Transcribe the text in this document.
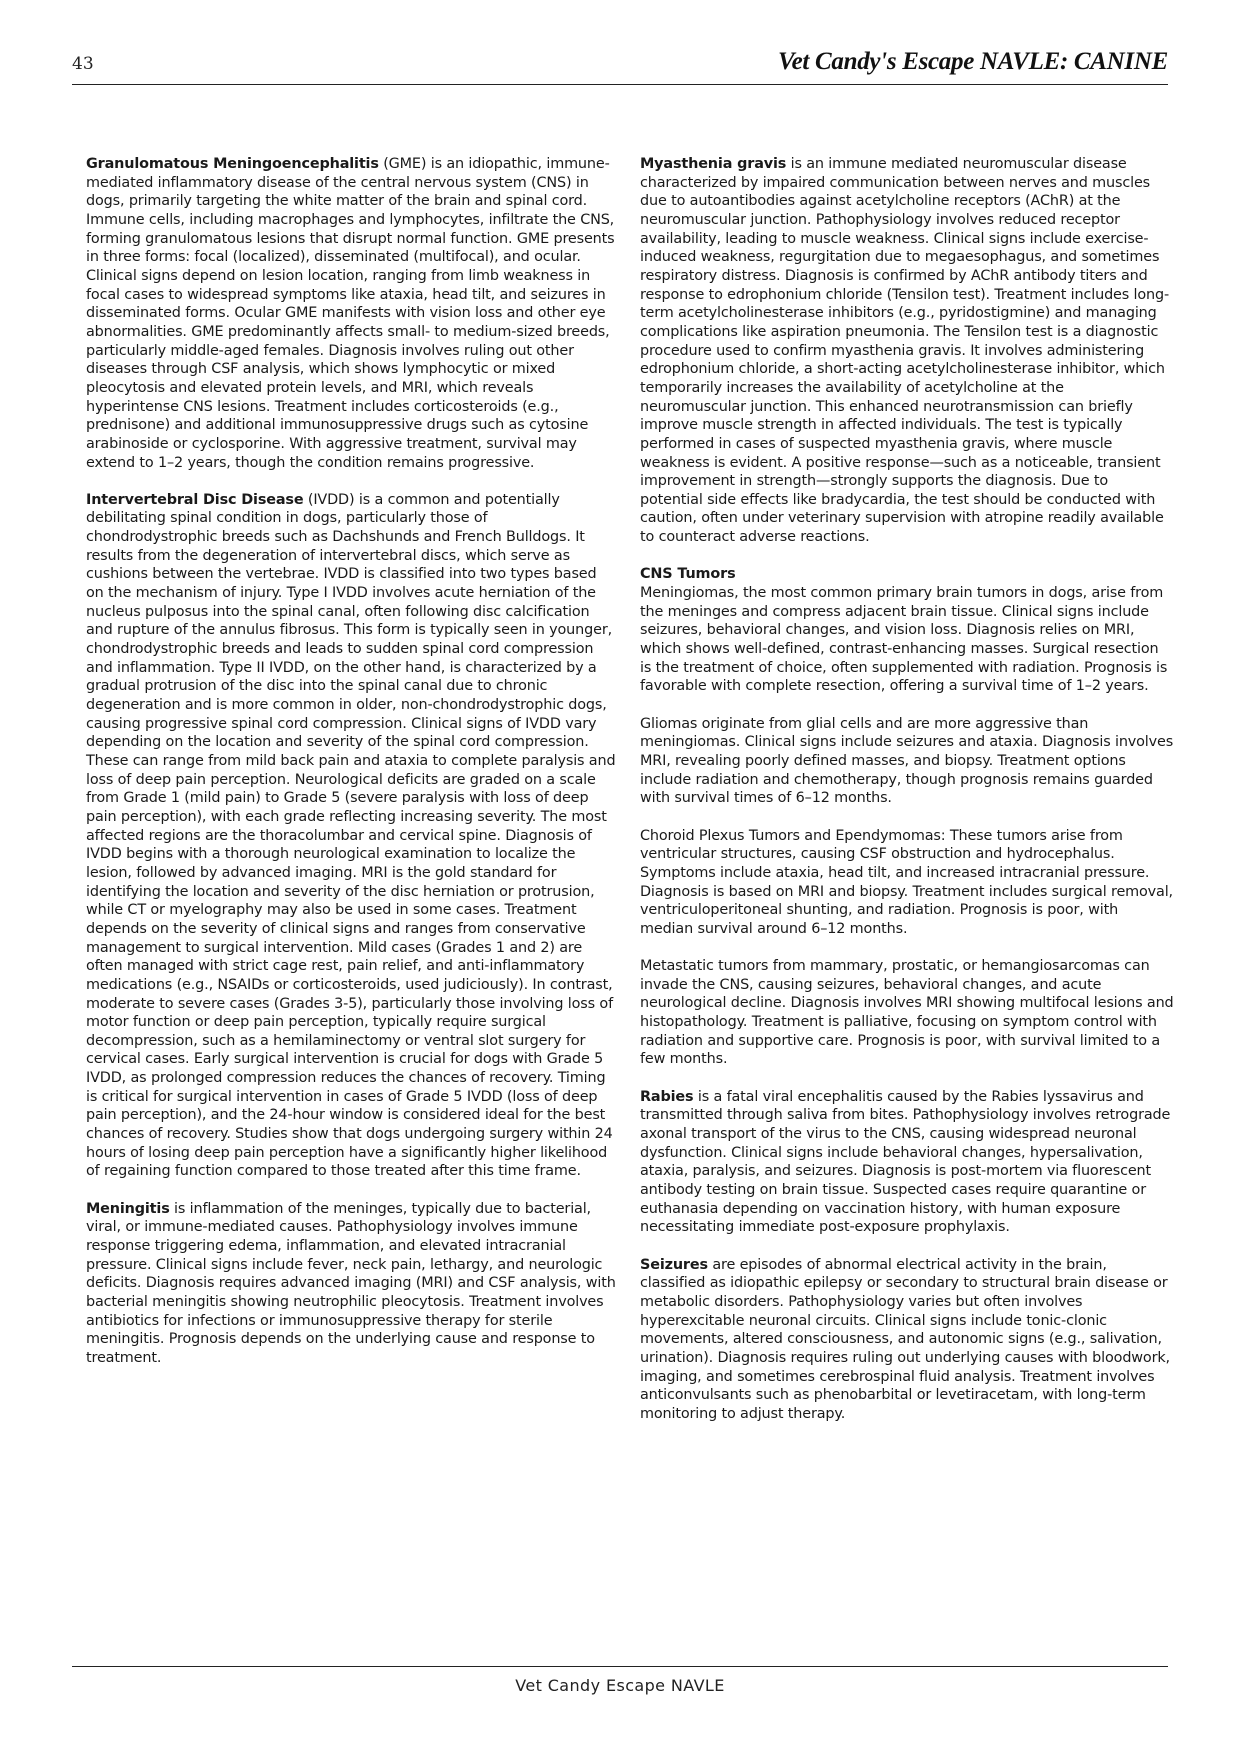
43	Vet Candy's Escape NAVLE: CANINE

Granulomatous Meningoencephalitis (GME) is an idiopathic, immune-mediated inflammatory disease of the central nervous system (CNS) in dogs, primarily targeting the white matter of the brain and spinal cord. Immune cells, including macrophages and lymphocytes, infiltrate the CNS, forming granulomatous lesions that disrupt normal function. GME presents in three forms: focal (localized), disseminated (multifocal), and ocular. Clinical signs depend on lesion location, ranging from limb weakness in focal cases to widespread symptoms like ataxia, head tilt, and seizures in disseminated forms. Ocular GME manifests with vision loss and other eye abnormalities. GME predominantly affects small- to medium-sized breeds, particularly middle-aged females. Diagnosis involves ruling out other diseases through CSF analysis, which shows lymphocytic or mixed pleocytosis and elevated protein levels, and MRI, which reveals hyperintense CNS lesions. Treatment includes corticosteroids (e.g., prednisone) and additional immunosuppressive drugs such as cytosine arabinoside or cyclosporine. With aggressive treatment, survival may extend to 1–2 years, though the condition remains progressive.

Intervertebral Disc Disease (IVDD) is a common and potentially debilitating spinal condition in dogs, particularly those of chondrodystrophic breeds such as Dachshunds and French Bulldogs. It results from the degeneration of intervertebral discs, which serve as cushions between the vertebrae. IVDD is classified into two types based on the mechanism of injury. Type I IVDD involves acute herniation of the nucleus pulposus into the spinal canal, often following disc calcification and rupture of the annulus fibrosus. This form is typically seen in younger, chondrodystrophic breeds and leads to sudden spinal cord compression and inflammation. Type II IVDD, on the other hand, is characterized by a gradual protrusion of the disc into the spinal canal due to chronic degeneration and is more common in older, non-chondrodystrophic dogs, causing progressive spinal cord compression. Clinical signs of IVDD vary depending on the location and severity of the spinal cord compression. These can range from mild back pain and ataxia to complete paralysis and loss of deep pain perception. Neurological deficits are graded on a scale from Grade 1 (mild pain) to Grade 5 (severe paralysis with loss of deep pain perception), with each grade reflecting increasing severity. The most affected regions are the thoracolumbar and cervical spine. Diagnosis of IVDD begins with a thorough neurological examination to localize the lesion, followed by advanced imaging. MRI is the gold standard for identifying the location and severity of the disc herniation or protrusion, while CT or myelography may also be used in some cases. Treatment depends on the severity of clinical signs and ranges from conservative management to surgical intervention. Mild cases (Grades 1 and 2) are often managed with strict cage rest, pain relief, and anti-inflammatory medications (e.g., NSAIDs or corticosteroids, used judiciously). In contrast, moderate to severe cases (Grades 3-5), particularly those involving loss of motor function or deep pain perception, typically require surgical decompression, such as a hemilaminectomy or ventral slot surgery for cervical cases. Early surgical intervention is crucial for dogs with Grade 5 IVDD, as prolonged compression reduces the chances of recovery. Timing is critical for surgical intervention in cases of Grade 5 IVDD (loss of deep pain perception), and the 24-hour window is considered ideal for the best chances of recovery. Studies show that dogs undergoing surgery within 24 hours of losing deep pain perception have a significantly higher likelihood of regaining function compared to those treated after this time frame.

Meningitis is inflammation of the meninges, typically due to bacterial, viral, or immune-mediated causes. Pathophysiology involves immune response triggering edema, inflammation, and elevated intracranial pressure. Clinical signs include fever, neck pain, lethargy, and neurologic deficits. Diagnosis requires advanced imaging (MRI) and CSF analysis, with bacterial meningitis showing neutrophilic pleocytosis. Treatment involves antibiotics for infections or immunosuppressive therapy for sterile meningitis. Prognosis depends on the underlying cause and response to treatment.

Myasthenia gravis is an immune mediated neuromuscular disease characterized by impaired communication between nerves and muscles due to autoantibodies against acetylcholine receptors (AChR) at the neuromuscular junction. Pathophysiology involves reduced receptor availability, leading to muscle weakness. Clinical signs include exercise-induced weakness, regurgitation due to megaesophagus, and sometimes respiratory distress. Diagnosis is confirmed by AChR antibody titers and response to edrophonium chloride (Tensilon test). Treatment includes long-term acetylcholinesterase inhibitors (e.g., pyridostigmine) and managing complications like aspiration pneumonia. The Tensilon test is a diagnostic procedure used to confirm myasthenia gravis. It involves administering edrophonium chloride, a short-acting acetylcholinesterase inhibitor, which temporarily increases the availability of acetylcholine at the neuromuscular junction. This enhanced neurotransmission can briefly improve muscle strength in affected individuals. The test is typically performed in cases of suspected myasthenia gravis, where muscle weakness is evident. A positive response—such as a noticeable, transient improvement in strength—strongly supports the diagnosis. Due to potential side effects like bradycardia, the test should be conducted with caution, often under veterinary supervision with atropine readily available to counteract adverse reactions.

CNS Tumors
Meningiomas, the most common primary brain tumors in dogs, arise from the meninges and compress adjacent brain tissue. Clinical signs include seizures, behavioral changes, and vision loss. Diagnosis relies on MRI, which shows well-defined, contrast-enhancing masses. Surgical resection is the treatment of choice, often supplemented with radiation. Prognosis is favorable with complete resection, offering a survival time of 1–2 years.

Gliomas originate from glial cells and are more aggressive than meningiomas. Clinical signs include seizures and ataxia. Diagnosis involves MRI, revealing poorly defined masses, and biopsy. Treatment options include radiation and chemotherapy, though prognosis remains guarded with survival times of 6–12 months.

Choroid Plexus Tumors and Ependymomas: These tumors arise from ventricular structures, causing CSF obstruction and hydrocephalus. Symptoms include ataxia, head tilt, and increased intracranial pressure. Diagnosis is based on MRI and biopsy. Treatment includes surgical removal, ventriculoperitoneal shunting, and radiation. Prognosis is poor, with median survival around 6–12 months.

Metastatic tumors from mammary, prostatic, or hemangiosarcomas can invade the CNS, causing seizures, behavioral changes, and acute neurological decline. Diagnosis involves MRI showing multifocal lesions and histopathology. Treatment is palliative, focusing on symptom control with radiation and supportive care. Prognosis is poor, with survival limited to a few months.

Rabies is a fatal viral encephalitis caused by the Rabies lyssavirus and transmitted through saliva from bites. Pathophysiology involves retrograde axonal transport of the virus to the CNS, causing widespread neuronal dysfunction. Clinical signs include behavioral changes, hypersalivation, ataxia, paralysis, and seizures. Diagnosis is post-mortem via fluorescent antibody testing on brain tissue. Suspected cases require quarantine or euthanasia depending on vaccination history, with human exposure necessitating immediate post-exposure prophylaxis.

Seizures are episodes of abnormal electrical activity in the brain, classified as idiopathic epilepsy or secondary to structural brain disease or metabolic disorders. Pathophysiology varies but often involves hyperexcitable neuronal circuits. Clinical signs include tonic-clonic movements, altered consciousness, and autonomic signs (e.g., salivation, urination). Diagnosis requires ruling out underlying causes with bloodwork, imaging, and sometimes cerebrospinal fluid analysis. Treatment involves anticonvulsants such as phenobarbital or levetiracetam, with long-term monitoring to adjust therapy.

Vet Candy Escape NAVLE
